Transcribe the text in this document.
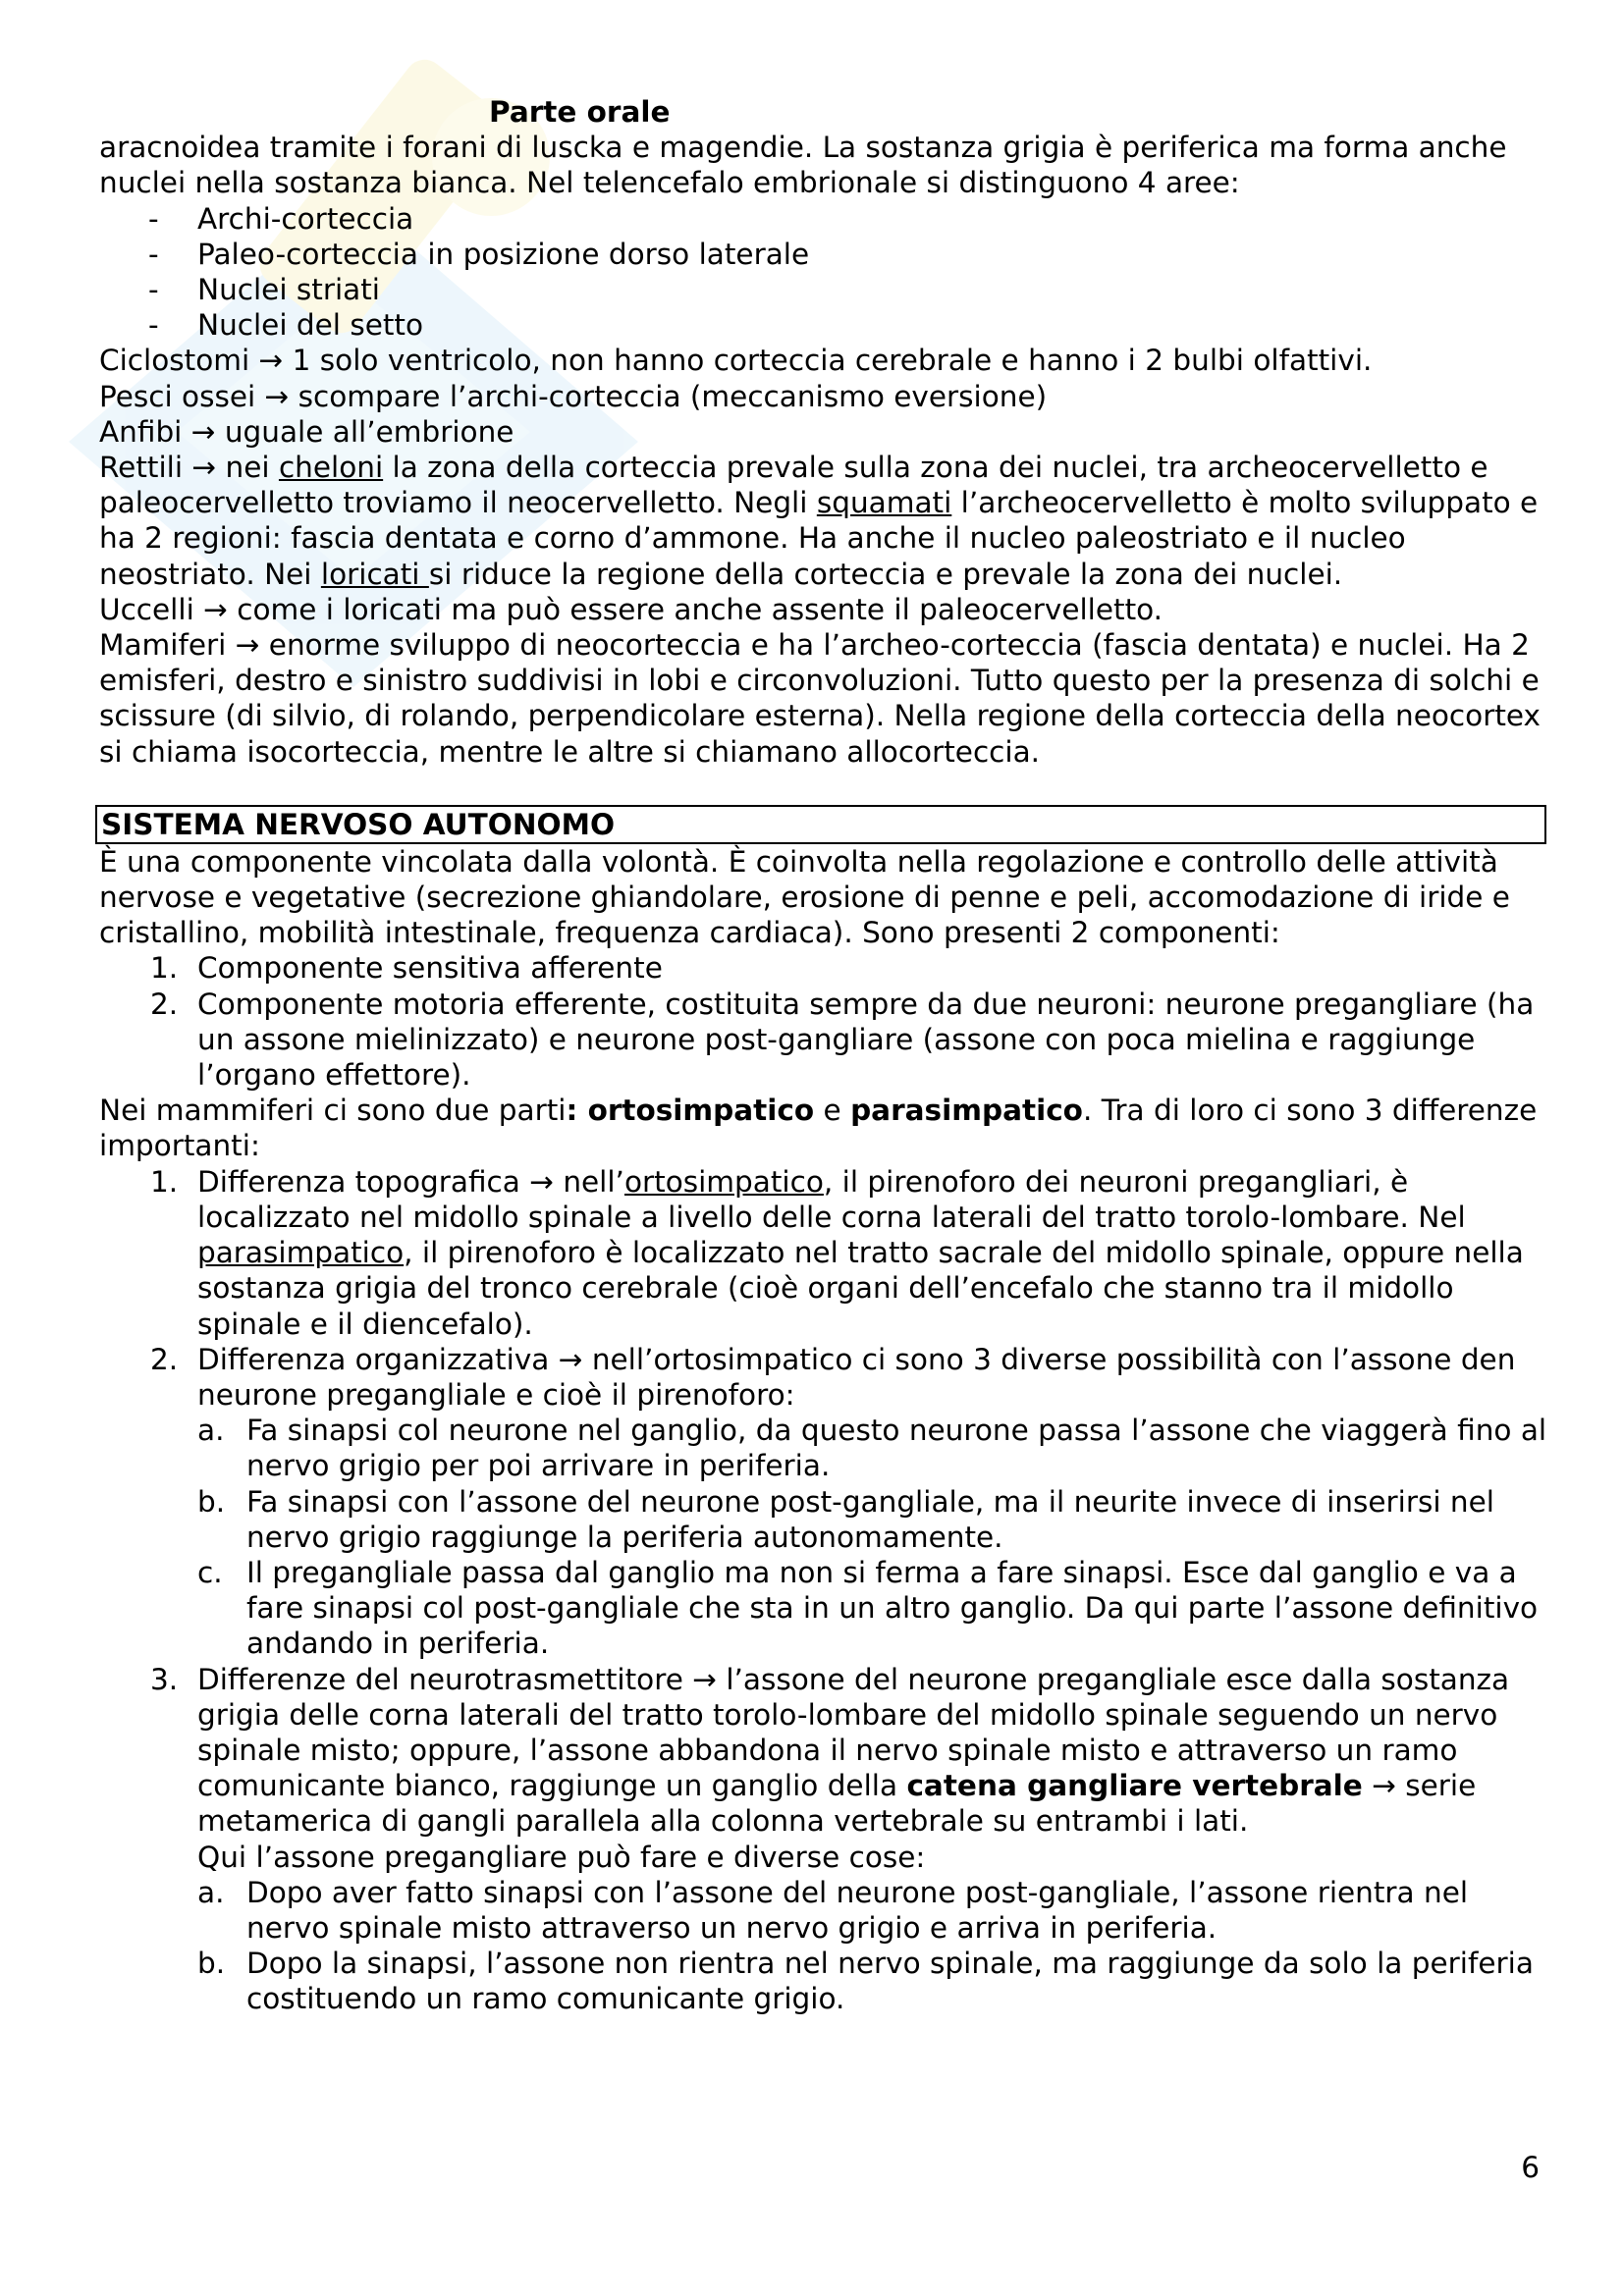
Parte orale

aracnoidea tramite i forani di luscka e magendie. La sostanza grigia è periferica ma forma anche nuclei nella sostanza bianca. Nel telencefalo embrionale si distinguono 4 aree:

- Archi-corteccia
- Paleo-corteccia in posizione dorso laterale
- Nuclei striati
- Nuclei del setto

Ciclostomi → 1 solo ventricolo, non hanno corteccia cerebrale e hanno i 2 bulbi olfattivi.

Pesci ossei → scompare l’archi-corteccia (meccanismo eversione)

Anfibi → uguale all’embrione

Rettili → nei cheloni la zona della corteccia prevale sulla zona dei nuclei, tra archeocervelletto e paleocervelletto troviamo il neocervelletto. Negli squamati l’archeocervelletto è molto sviluppato e ha 2 regioni: fascia dentata e corno d’ammone. Ha anche il nucleo paleostriato e il nucleo neostriato. Nei loricati si riduce la regione della corteccia e prevale la zona dei nuclei.

Uccelli → come i loricati ma può essere anche assente il paleocervelletto.

Mamiferi → enorme sviluppo di neocorteccia e ha l’archeo-corteccia (fascia dentata) e nuclei. Ha 2 emisferi, destro e sinistro suddivisi in lobi e circonvoluzioni. Tutto questo per la presenza di solchi e scissure (di silvio, di rolando, perpendicolare esterna). Nella regione della corteccia della neocortex si chiama isocorteccia, mentre le altre si chiamano allocorteccia.

SISTEMA NERVOSO AUTONOMO

È una componente vincolata dalla volontà. È coinvolta nella regolazione e controllo delle attività nervose e vegetative (secrezione ghiandolare, erosione di penne e peli, accomodazione di iride e cristallino, mobilità intestinale, frequenza cardiaca). Sono presenti 2 componenti:

1. Componente sensitiva afferente
2. Componente motoria efferente, costituita sempre da due neuroni: neurone pregangliare (ha un assone mielinizzato) e neurone post-gangliare (assone con poca mielina e raggiunge l’organo effettore).

Nei mammiferi ci sono due parti: ortosimpatico e parasimpatico. Tra di loro ci sono 3 differenze importanti:

1. Differenza topografica → nell’ortosimpatico, il pirenoforo dei neuroni pregangliari, è localizzato nel midollo spinale a livello delle corna laterali del tratto torolo-lombare. Nel parasimpatico, il pirenoforo è localizzato nel tratto sacrale del midollo spinale, oppure nella sostanza grigia del tronco cerebrale (cioè organi dell’encefalo che stanno tra il midollo spinale e il diencefalo).
2. Differenza organizzativa → nell’ortosimpatico ci sono 3 diverse possibilità con l’assone den neurone pregangliale e cioè il pirenoforo:
a. Fa sinapsi col neurone nel ganglio, da questo neurone passa l’assone che viaggerà fino al nervo grigio per poi arrivare in periferia.
b. Fa sinapsi con l’assone del neurone post-gangliale, ma il neurite invece di inserirsi nel nervo grigio raggiunge la periferia autonomamente.
c. Il pregangliale passa dal ganglio ma non si ferma a fare sinapsi. Esce dal ganglio e va a fare sinapsi col post-gangliale che sta in un altro ganglio. Da qui parte l’assone definitivo andando in periferia.
3. Differenze del neurotrasmettitore → l’assone del neurone pregangliale esce dalla sostanza grigia delle corna laterali del tratto torolo-lombare del midollo spinale seguendo un nervo spinale misto; oppure, l’assone abbandona il nervo spinale misto e attraverso un ramo comunicante bianco, raggiunge un ganglio della catena gangliare vertebrale → serie metamerica di gangli parallela alla colonna vertebrale su entrambi i lati.
Qui l’assone pregangliare può fare e diverse cose:
a. Dopo aver fatto sinapsi con l’assone del neurone post-gangliale, l’assone rientra nel nervo spinale misto attraverso un nervo grigio e arriva in periferia.
b. Dopo la sinapsi, l’assone non rientra nel nervo spinale, ma raggiunge da solo la periferia costituendo un ramo comunicante grigio.
6
